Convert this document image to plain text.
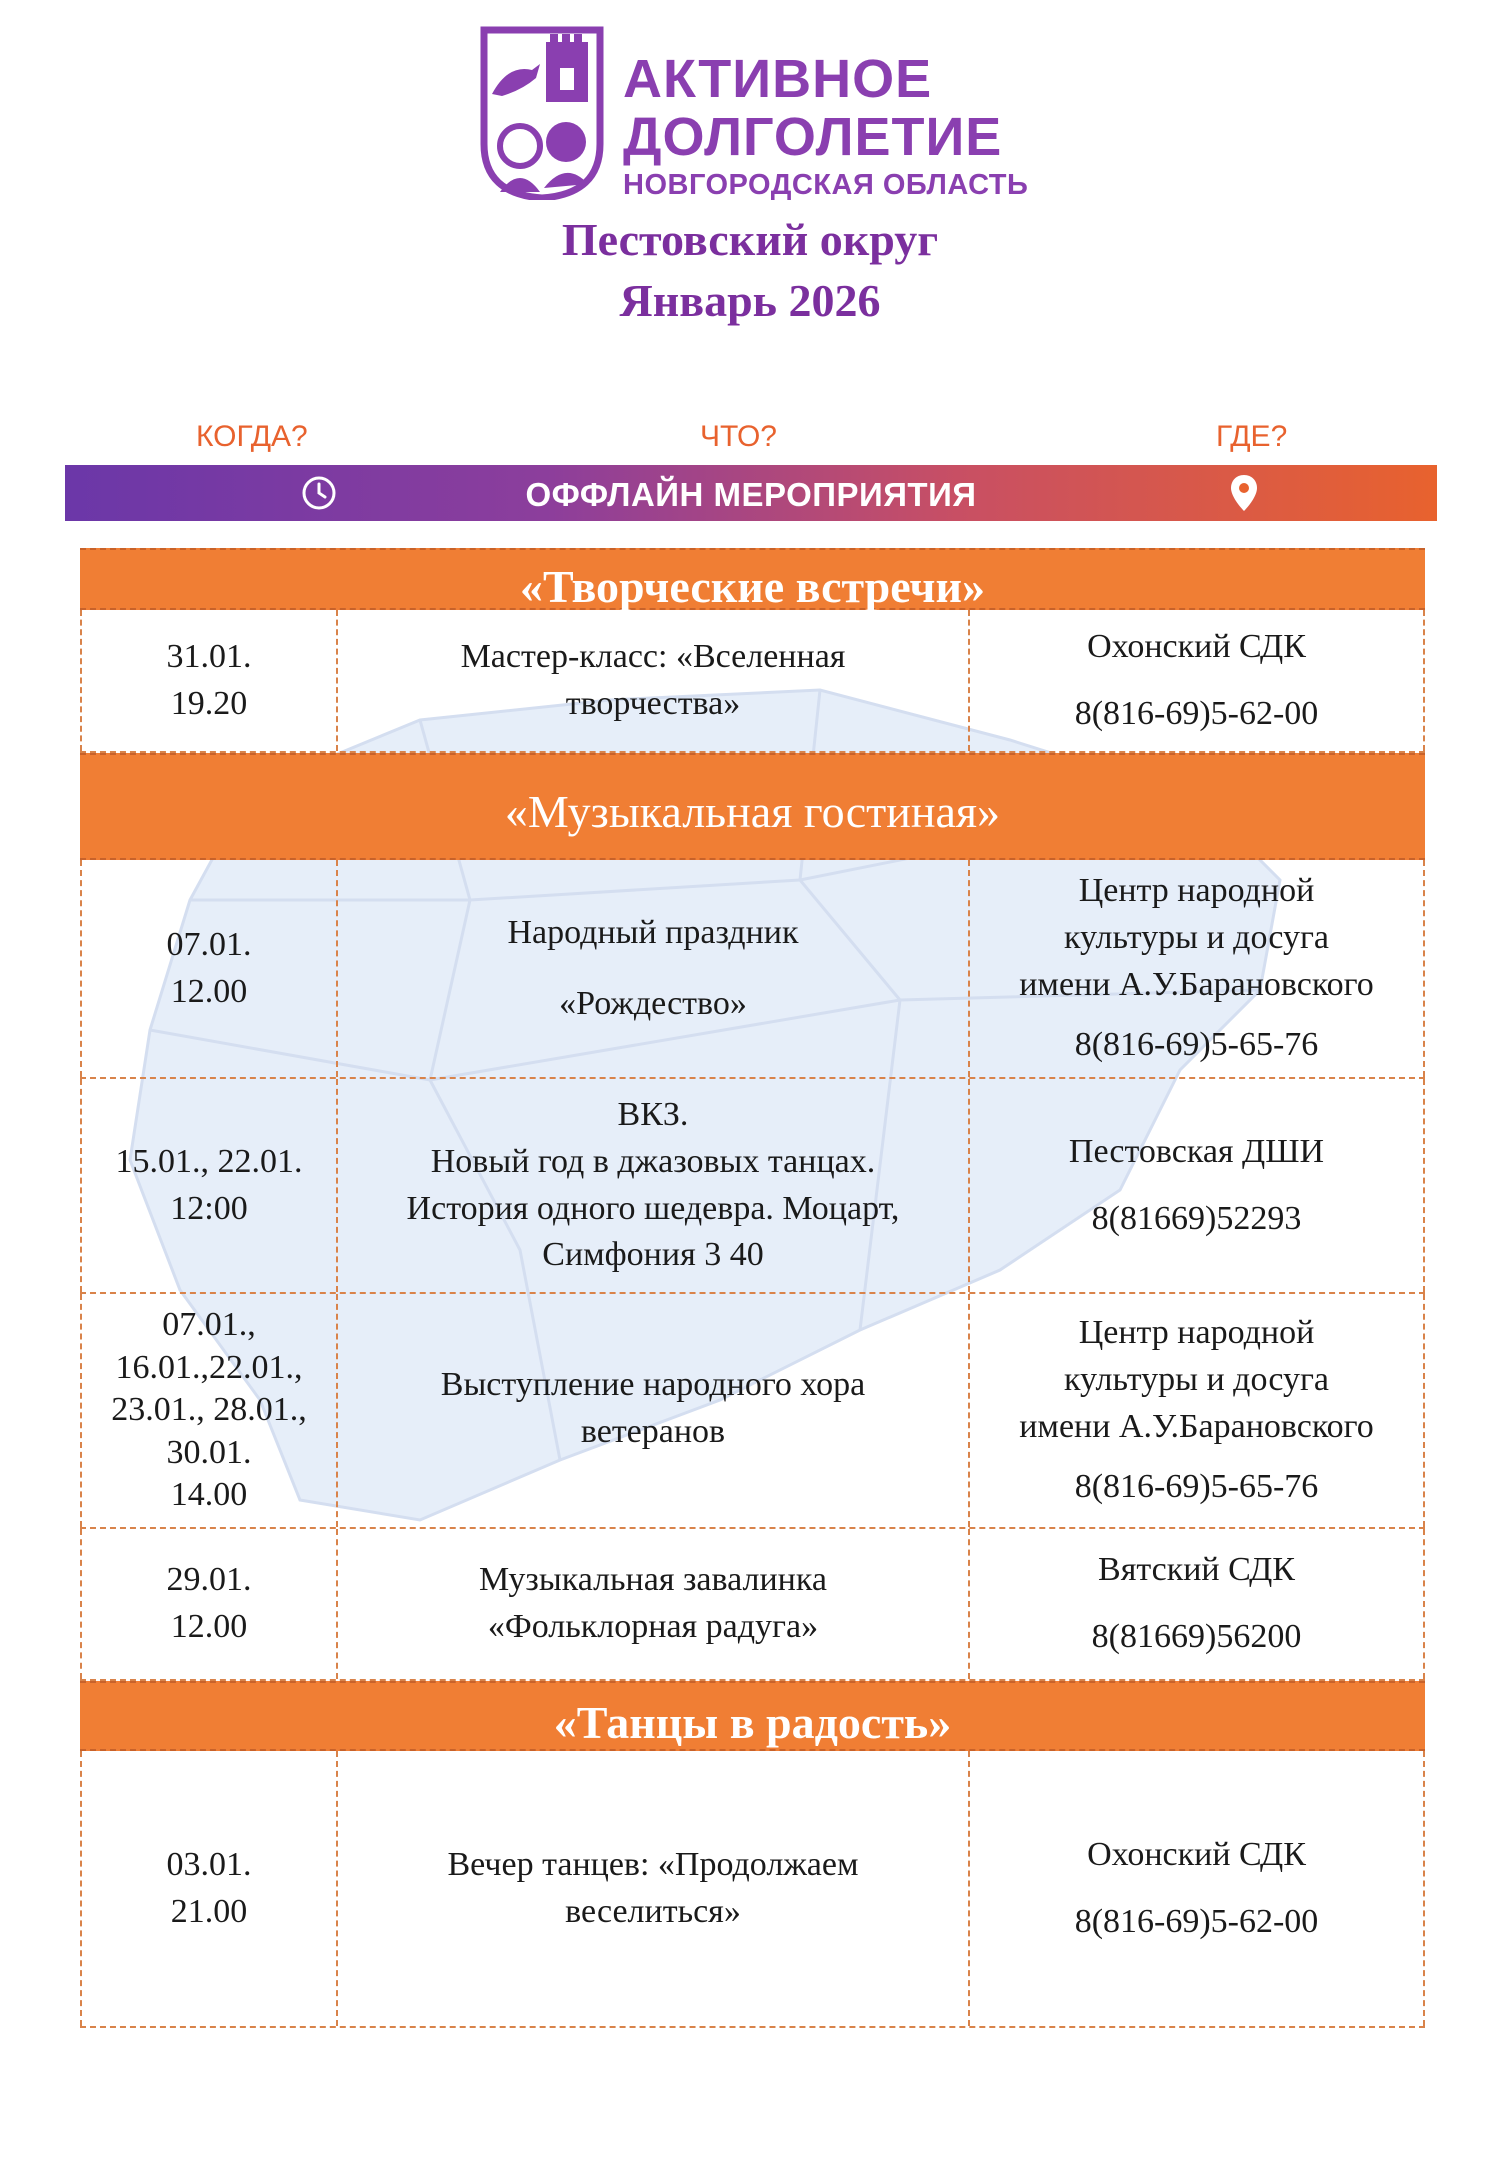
АКТИВНОЕ
ДОЛГОЛЕТИЕ
НОВГОРОДСКАЯ ОБЛАСТЬ
Пестовский округ
Январь 2026
КОГДА?	ЧТО?	ГДЕ?
ОФФЛАЙН МЕРОПРИЯТИЯ
«Творческие встречи»
31.01.
19.20
Мастер-класс: «Вселенная
творчества»
Охонский СДК
8(816-69)5-62-00
«Музыкальная гостиная»
07.01.
12.00
Народный праздник
«Рождество»
Центр народной
культуры и досуга
имени А.У.Барановского
8(816-69)5-65-76
15.01., 22.01.
12:00
ВКЗ.
Новый год в джазовых танцах.
История одного шедевра. Моцарт,
Симфония 3 40
Пестовская ДШИ
8(81669)52293
07.01.,
16.01.,22.01.,
23.01., 28.01.,
30.01.
14.00
Выступление народного хора
ветеранов
Центр народной
культуры и досуга
имени А.У.Барановского
8(816-69)5-65-76
29.01.
12.00
Музыкальная завалинка
«Фольклорная радуга»
Вятский СДК
8(81669)56200
«Танцы в радость»
03.01.
21.00
Вечер танцев: «Продолжаем
веселиться»
Охонский СДК
8(816-69)5-62-00
